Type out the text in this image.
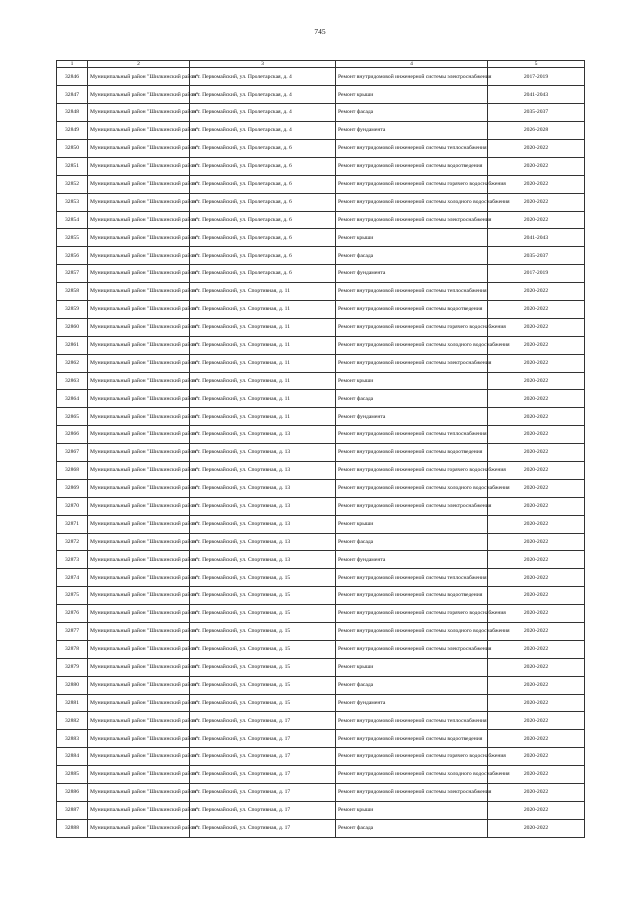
745
1	2	3	4	5
32846	Муниципальный район "Шилкинский район"	пгт. Первомайский, ул. Пролетарская, д. 4	Ремонт внутридомовой инженерной системы электроснабжения	2017-2019
32847	Муниципальный район "Шилкинский район"	пгт. Первомайский, ул. Пролетарская, д. 4	Ремонт крыши	2041-2043
32848	Муниципальный район "Шилкинский район"	пгт. Первомайский, ул. Пролетарская, д. 4	Ремонт фасада	2035-2037
32849	Муниципальный район "Шилкинский район"	пгт. Первомайский, ул. Пролетарская, д. 4	Ремонт фундамента	2026-2028
32850	Муниципальный район "Шилкинский район"	пгт. Первомайский, ул. Пролетарская, д. 6	Ремонт внутридомовой инженерной системы теплоснабжения	2020-2022
32851	Муниципальный район "Шилкинский район"	пгт. Первомайский, ул. Пролетарская, д. 6	Ремонт внутридомовой инженерной системы водоотведения	2020-2022
32852	Муниципальный район "Шилкинский район"	пгт. Первомайский, ул. Пролетарская, д. 6	Ремонт внутридомовой инженерной системы горячего водоснабжения	2020-2022
32853	Муниципальный район "Шилкинский район"	пгт. Первомайский, ул. Пролетарская, д. 6	Ремонт внутридомовой инженерной системы холодного водоснабжения	2020-2022
32854	Муниципальный район "Шилкинский район"	пгт. Первомайский, ул. Пролетарская, д. 6	Ремонт внутридомовой инженерной системы электроснабжения	2020-2022
32855	Муниципальный район "Шилкинский район"	пгт. Первомайский, ул. Пролетарская, д. 6	Ремонт крыши	2041-2043
32856	Муниципальный район "Шилкинский район"	пгт. Первомайский, ул. Пролетарская, д. 6	Ремонт фасада	2035-2037
32857	Муниципальный район "Шилкинский район"	пгт. Первомайский, ул. Пролетарская, д. 6	Ремонт фундамента	2017-2019
32858	Муниципальный район "Шилкинский район"	пгт. Первомайский, ул. Спортивная, д. 11	Ремонт внутридомовой инженерной системы теплоснабжения	2020-2022
32859	Муниципальный район "Шилкинский район"	пгт. Первомайский, ул. Спортивная, д. 11	Ремонт внутридомовой инженерной системы водоотведения	2020-2022
32860	Муниципальный район "Шилкинский район"	пгт. Первомайский, ул. Спортивная, д. 11	Ремонт внутридомовой инженерной системы горячего водоснабжения	2020-2022
32861	Муниципальный район "Шилкинский район"	пгт. Первомайский, ул. Спортивная, д. 11	Ремонт внутридомовой инженерной системы холодного водоснабжения	2020-2022
32862	Муниципальный район "Шилкинский район"	пгт. Первомайский, ул. Спортивная, д. 11	Ремонт внутридомовой инженерной системы электроснабжения	2020-2022
32863	Муниципальный район "Шилкинский район"	пгт. Первомайский, ул. Спортивная, д. 11	Ремонт крыши	2020-2022
32864	Муниципальный район "Шилкинский район"	пгт. Первомайский, ул. Спортивная, д. 11	Ремонт фасада	2020-2022
32865	Муниципальный район "Шилкинский район"	пгт. Первомайский, ул. Спортивная, д. 11	Ремонт фундамента	2020-2022
32866	Муниципальный район "Шилкинский район"	пгт. Первомайский, ул. Спортивная, д. 13	Ремонт внутридомовой инженерной системы теплоснабжения	2020-2022
32867	Муниципальный район "Шилкинский район"	пгт. Первомайский, ул. Спортивная, д. 13	Ремонт внутридомовой инженерной системы водоотведения	2020-2022
32868	Муниципальный район "Шилкинский район"	пгт. Первомайский, ул. Спортивная, д. 13	Ремонт внутридомовой инженерной системы горячего водоснабжения	2020-2022
32869	Муниципальный район "Шилкинский район"	пгт. Первомайский, ул. Спортивная, д. 13	Ремонт внутридомовой инженерной системы холодного водоснабжения	2020-2022
32870	Муниципальный район "Шилкинский район"	пгт. Первомайский, ул. Спортивная, д. 13	Ремонт внутридомовой инженерной системы электроснабжения	2020-2022
32871	Муниципальный район "Шилкинский район"	пгт. Первомайский, ул. Спортивная, д. 13	Ремонт крыши	2020-2022
32872	Муниципальный район "Шилкинский район"	пгт. Первомайский, ул. Спортивная, д. 13	Ремонт фасада	2020-2022
32873	Муниципальный район "Шилкинский район"	пгт. Первомайский, ул. Спортивная, д. 13	Ремонт фундамента	2020-2022
32874	Муниципальный район "Шилкинский район"	пгт. Первомайский, ул. Спортивная, д. 15	Ремонт внутридомовой инженерной системы теплоснабжения	2020-2022
32875	Муниципальный район "Шилкинский район"	пгт. Первомайский, ул. Спортивная, д. 15	Ремонт внутридомовой инженерной системы водоотведения	2020-2022
32876	Муниципальный район "Шилкинский район"	пгт. Первомайский, ул. Спортивная, д. 15	Ремонт внутридомовой инженерной системы горячего водоснабжения	2020-2022
32877	Муниципальный район "Шилкинский район"	пгт. Первомайский, ул. Спортивная, д. 15	Ремонт внутридомовой инженерной системы холодного водоснабжения	2020-2022
32878	Муниципальный район "Шилкинский район"	пгт. Первомайский, ул. Спортивная, д. 15	Ремонт внутридомовой инженерной системы электроснабжения	2020-2022
32879	Муниципальный район "Шилкинский район"	пгт. Первомайский, ул. Спортивная, д. 15	Ремонт крыши	2020-2022
32880	Муниципальный район "Шилкинский район"	пгт. Первомайский, ул. Спортивная, д. 15	Ремонт фасада	2020-2022
32881	Муниципальный район "Шилкинский район"	пгт. Первомайский, ул. Спортивная, д. 15	Ремонт фундамента	2020-2022
32882	Муниципальный район "Шилкинский район"	пгт. Первомайский, ул. Спортивная, д. 17	Ремонт внутридомовой инженерной системы теплоснабжения	2020-2022
32883	Муниципальный район "Шилкинский район"	пгт. Первомайский, ул. Спортивная, д. 17	Ремонт внутридомовой инженерной системы водоотведения	2020-2022
32884	Муниципальный район "Шилкинский район"	пгт. Первомайский, ул. Спортивная, д. 17	Ремонт внутридомовой инженерной системы горячего водоснабжения	2020-2022
32885	Муниципальный район "Шилкинский район"	пгт. Первомайский, ул. Спортивная, д. 17	Ремонт внутридомовой инженерной системы холодного водоснабжения	2020-2022
32886	Муниципальный район "Шилкинский район"	пгт. Первомайский, ул. Спортивная, д. 17	Ремонт внутридомовой инженерной системы электроснабжения	2020-2022
32887	Муниципальный район "Шилкинский район"	пгт. Первомайский, ул. Спортивная, д. 17	Ремонт крыши	2020-2022
32888	Муниципальный район "Шилкинский район"	пгт. Первомайский, ул. Спортивная, д. 17	Ремонт фасада	2020-2022
